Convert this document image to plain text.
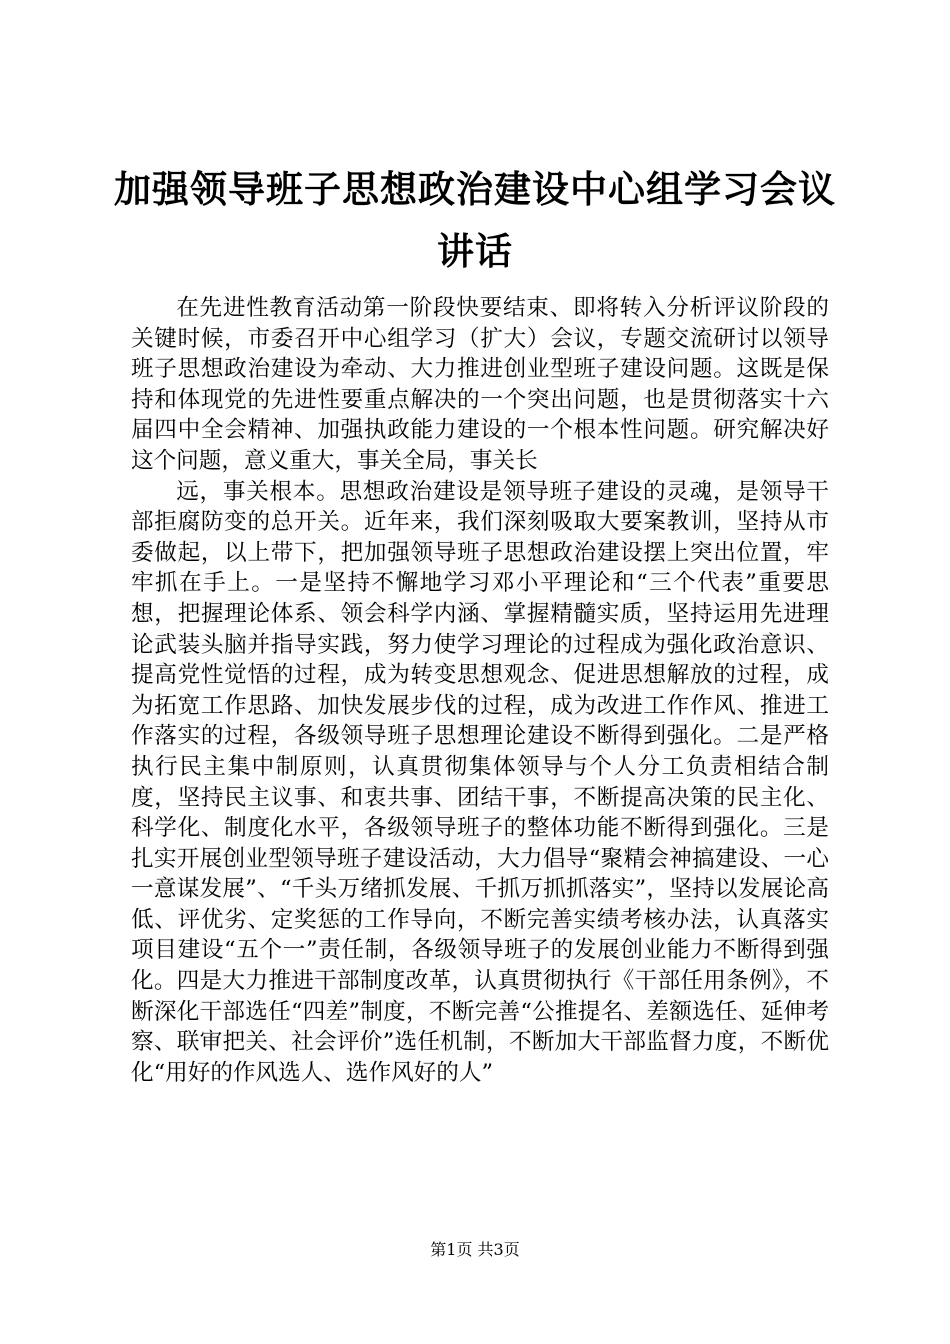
加强领导班子思想政治建设中心组学习会议讲话

在先进性教育活动第一阶段快要结束、即将转入分析评议阶段的关键时候，市委召开中心组学习（扩大）会议，专题交流研讨以领导班子思想政治建设为牵动、大力推进创业型班子建设问题。这既是保持和体现党的先进性要重点解决的一个突出问题，也是贯彻落实十六届四中全会精神、加强执政能力建设的一个根本性问题。研究解决好这个问题，意义重大，事关全局，事关长

远，事关根本。思想政治建设是领导班子建设的灵魂，是领导干部拒腐防变的总开关。近年来，我们深刻吸取大要案教训，坚持从市委做起，以上带下，把加强领导班子思想政治建设摆上突出位置，牢牢抓在手上。一是坚持不懈地学习邓小平理论和“三个代表”重要思想，把握理论体系、领会科学内涵、掌握精髓实质，坚持运用先进理论武装头脑并指导实践，努力使学习理论的过程成为强化政治意识、提高党性觉悟的过程，成为转变思想观念、促进思想解放的过程，成为拓宽工作思路、加快发展步伐的过程，成为改进工作作风、推进工作落实的过程，各级领导班子思想理论建设不断得到强化。二是严格执行民主集中制原则，认真贯彻集体领导与个人分工负责相结合制度，坚持民主议事、和衷共事、团结干事，不断提高决策的民主化、科学化、制度化水平，各级领导班子的整体功能不断得到强化。三是扎实开展创业型领导班子建设活动，大力倡导“聚精会神搞建设、一心一意谋发展”、“千头万绪抓发展、千抓万抓抓落实”，坚持以发展论高低、评优劣、定奖惩的工作导向，不断完善实绩考核办法，认真落实项目建设“五个一”责任制，各级领导班子的发展创业能力不断得到强化。四是大力推进干部制度改革，认真贯彻执行《干部任用条例》，不断深化干部选任“四差”制度，不断完善“公推提名、差额选任、延伸考察、联审把关、社会评价”选任机制，不断加大干部监督力度，不断优化“用好的作风选人、选作风好的人”

第1页 共3页
